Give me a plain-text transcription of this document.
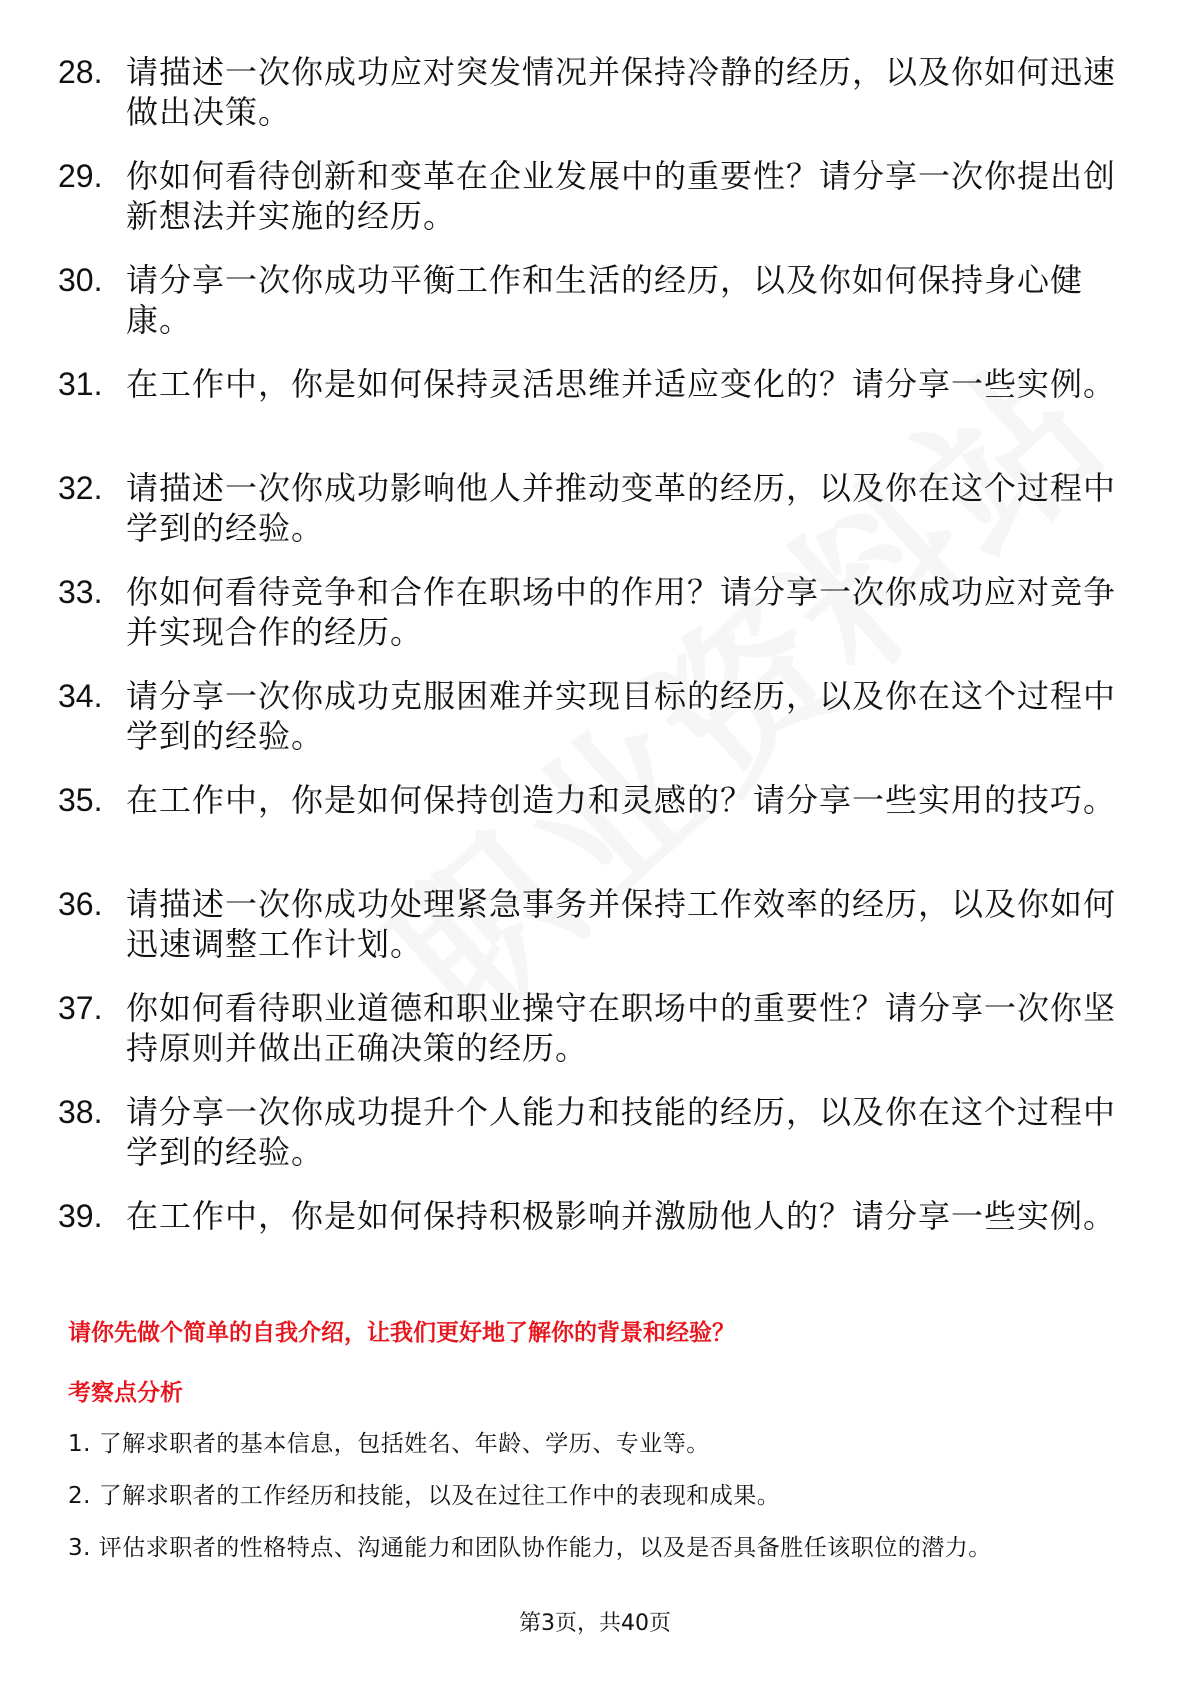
28. 请描述一次你成功应对突发情况并保持冷静的经历，以及你如何迅速做出决策。
29. 你如何看待创新和变革在企业发展中的重要性？请分享一次你提出创新想法并实施的经历。
30. 请分享一次你成功平衡工作和生活的经历，以及你如何保持身心健康。
31. 在工作中，你是如何保持灵活思维并适应变化的？请分享一些实例。
32. 请描述一次你成功影响他人并推动变革的经历，以及你在这个过程中学到的经验。
33. 你如何看待竞争和合作在职场中的作用？请分享一次你成功应对竞争并实现合作的经历。
34. 请分享一次你成功克服困难并实现目标的经历，以及你在这个过程中学到的经验。
35. 在工作中，你是如何保持创造力和灵感的？请分享一些实用的技巧。
36. 请描述一次你成功处理紧急事务并保持工作效率的经历，以及你如何迅速调整工作计划。
37. 你如何看待职业道德和职业操守在职场中的重要性？请分享一次你坚持原则并做出正确决策的经历。
38. 请分享一次你成功提升个人能力和技能的经历，以及你在这个过程中学到的经验。
39. 在工作中，你是如何保持积极影响并激励他人的？请分享一些实例。
请你先做个简单的自我介绍，让我们更好地了解你的背景和经验？
考察点分析
1. 了解求职者的基本信息，包括姓名、年龄、学历、专业等。
2. 了解求职者的工作经历和技能，以及在过往工作中的表现和成果。
3. 评估求职者的性格特点、沟通能力和团队协作能力，以及是否具备胜任该职位的潜力。
第3页，共40页
